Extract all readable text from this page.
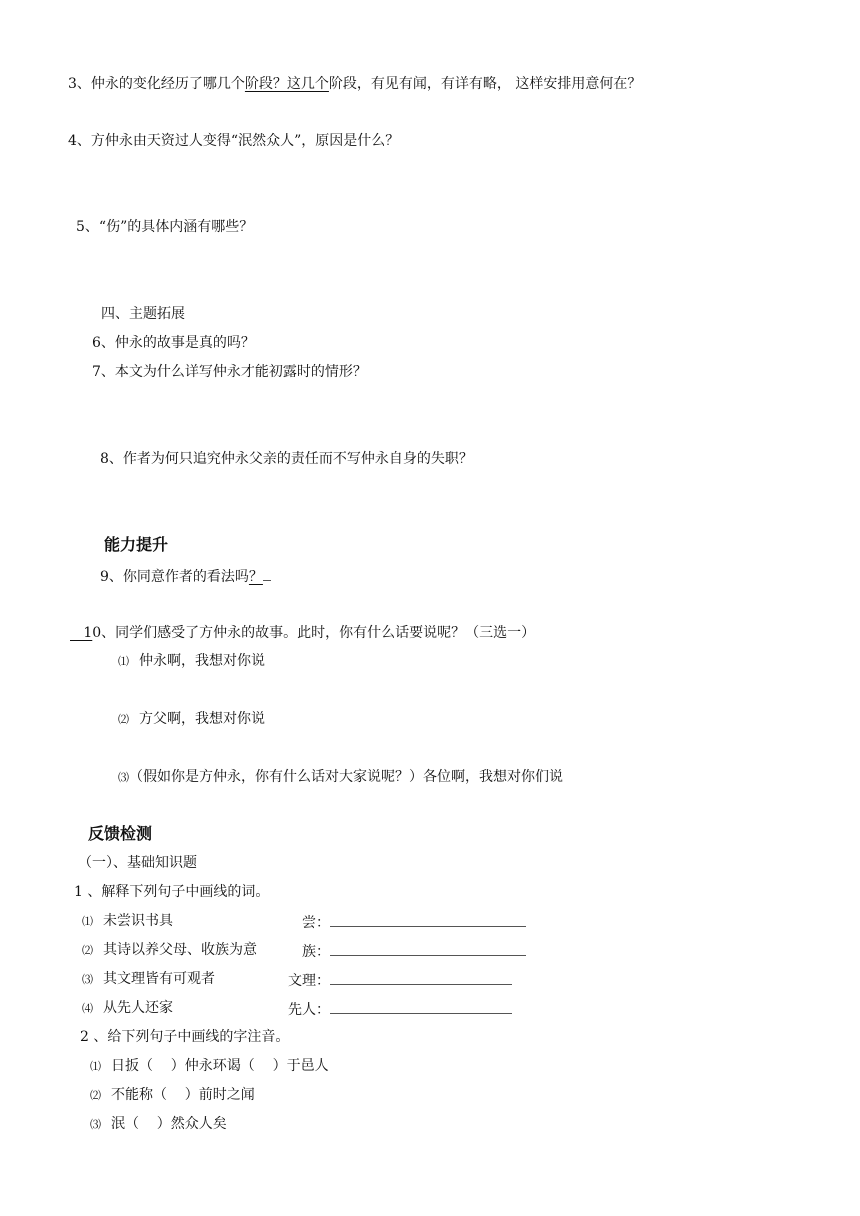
3、仲永的变化经历了哪几个阶段？这几个阶段，有见有闻，有详有略， 这样安排用意何在？
4、方仲永由天资过人变得“泯然众人”，原因是什么？
5、“伤”的具体内涵有哪些？
四、主题拓展
6、仲永的故事是真的吗？
7、本文为什么详写仲永才能初露时的情形？
8、作者为何只追究仲永父亲的责任而不写仲永自身的失职？
能力提升
9、你同意作者的看法吗？
10、同学们感受了方仲永的故事。此时，你有什么话要说呢？（三选一）
⑴ 仲永啊，我想对你说
⑵ 方父啊，我想对你说
⑶（假如你是方仲永，你有什么话对大家说呢？）各位啊，我想对你们说
反馈检测
（一）、基础知识题
1 、解释下列句子中画线的词。
⑴ 未尝识书具	尝：
⑵ 其诗以养父母、收族为意	族：
⑶ 其文理皆有可观者	文理：
⑷ 从先人还家	先人：
2 、给下列句子中画线的字注音。
⑴ 日扳（    ）仲永环谒（    ）于邑人
⑵ 不能称（    ）前时之闻
⑶ 泯（    ）然众人矣
